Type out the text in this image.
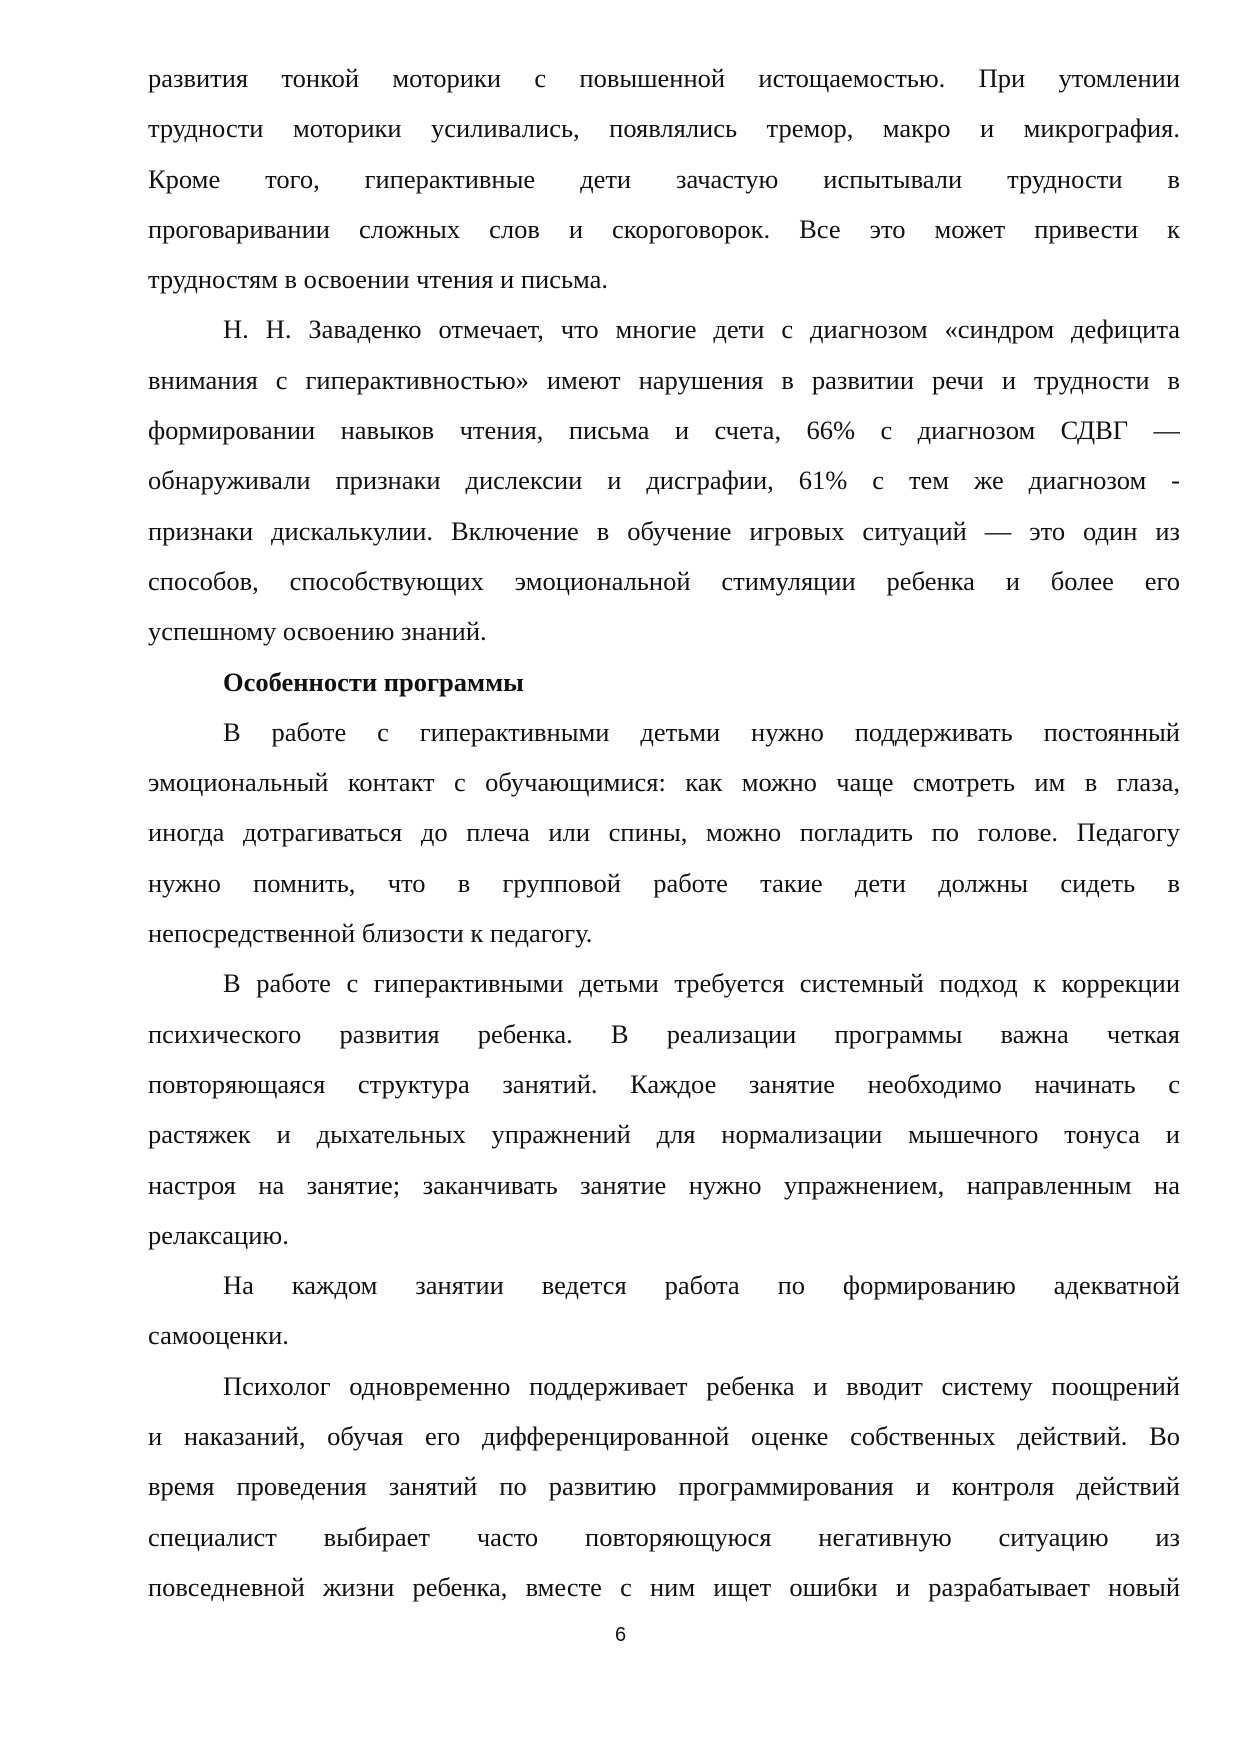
развития тонкой моторики с повышенной истощаемостью. При утомлении
трудности моторики усиливались, появлялись тремор, макро и микрография.
Кроме того, гиперактивные дети зачастую испытывали трудности в
проговаривании сложных слов и скороговорок. Все это может привести к
трудностям в освоении чтения и письма.
Н. Н. Заваденко отмечает, что многие дети с диагнозом «синдром дефицита
внимания с гиперактивностью» имеют нарушения в развитии речи и трудности в
формировании навыков чтения, письма и счета, 66% с диагнозом СДВГ —
обнаруживали признаки дислексии и дисграфии, 61% с тем же диагнозом -
признаки дискалькулии. Включение в обучение игровых ситуаций — это один из
способов, способствующих эмоциональной стимуляции ребенка и более его
успешному освоению знаний.
Особенности программы
В работе с гиперактивными детьми нужно поддерживать постоянный
эмоциональный контакт с обучающимися: как можно чаще смотреть им в глаза,
иногда дотрагиваться до плеча или спины, можно погладить по голове. Педагогу
нужно помнить, что в групповой работе такие дети должны сидеть в
непосредственной близости к педагогу.
В работе с гиперактивными детьми требуется системный подход к коррекции
психического развития ребенка. В реализации программы важна четкая
повторяющаяся структура занятий. Каждое занятие необходимо начинать с
растяжек и дыхательных упражнений для нормализации мышечного тонуса и
настроя на занятие; заканчивать занятие нужно упражнением, направленным на
релаксацию.
На каждом занятии ведется работа по формированию адекватной
самооценки.
Психолог одновременно поддерживает ребенка и вводит систему поощрений
и наказаний, обучая его дифференцированной оценке собственных действий. Во
время проведения занятий по развитию программирования и контроля действий
специалист выбирает часто повторяющуюся негативную ситуацию из
повседневной жизни ребенка, вместе с ним ищет ошибки и разрабатывает новый
6
